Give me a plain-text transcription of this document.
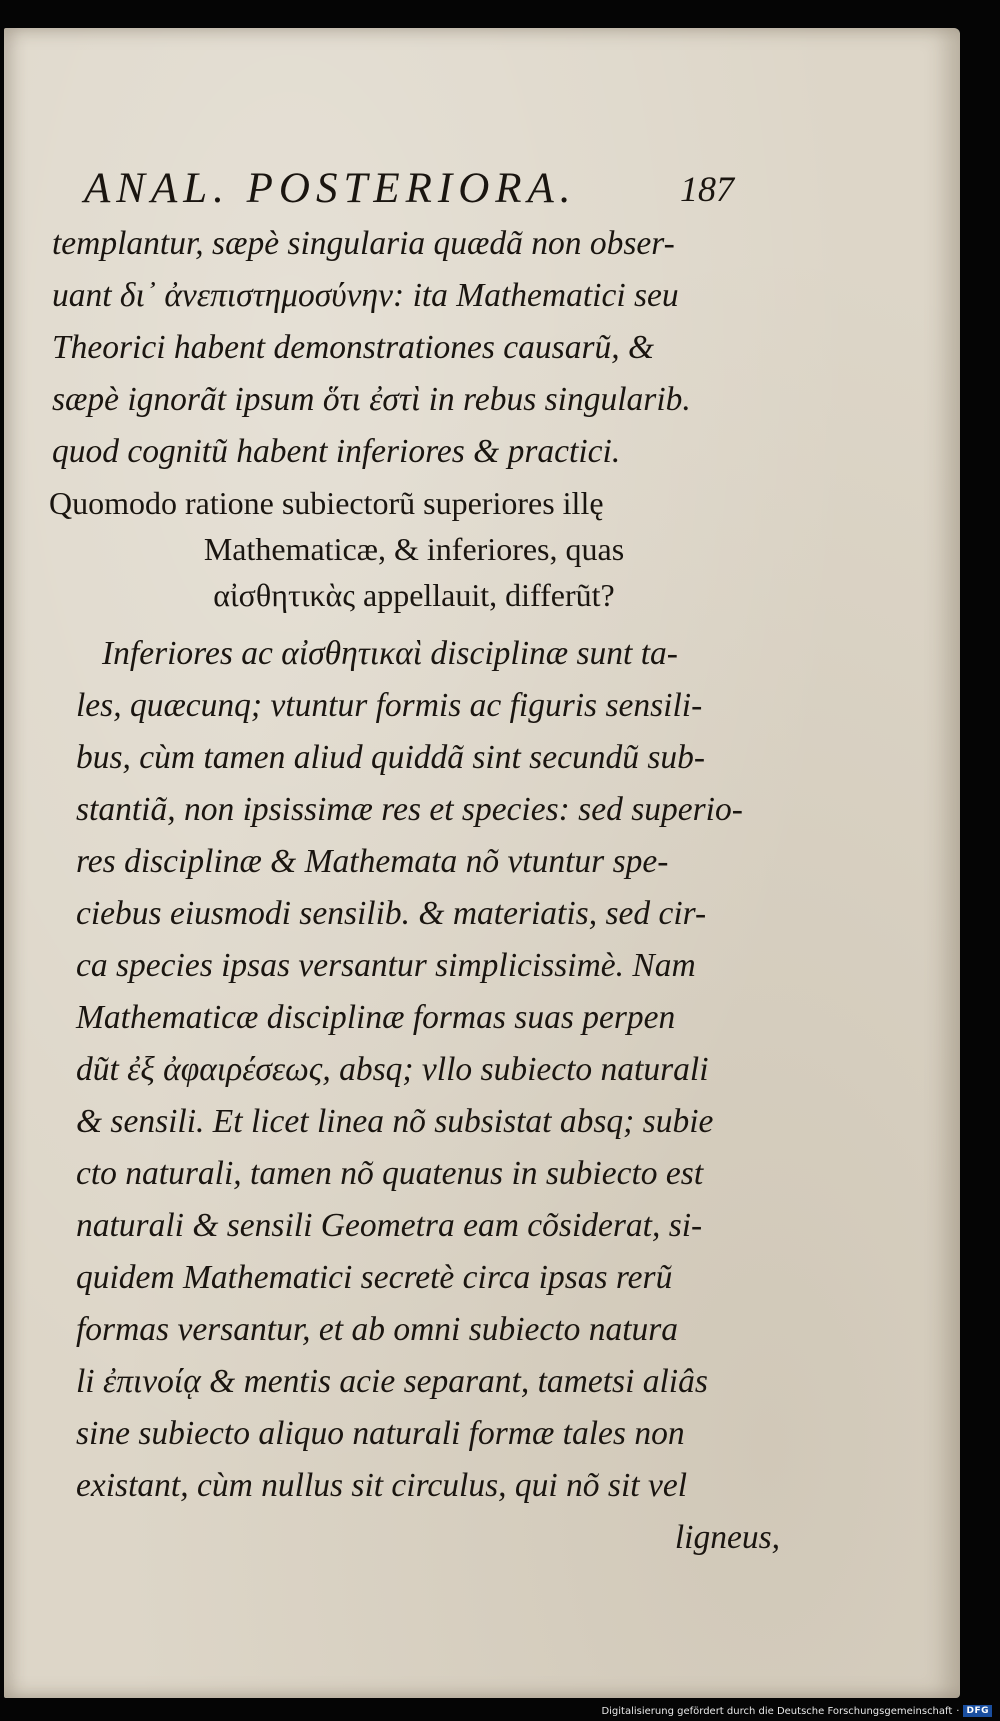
ANAL. POSTERIORA.	187
templantur, sæpè singularia quædã non obser-
uant δι᾽ ἀνεπιστημοσύνην: ita Mathematici seu
Theorici habent demonstrationes causarũ, &
sæpè ignorãt ipsum ὅτι ἐστὶ in rebus singularib.
quod cognitũ habent inferiores & practici.
Quomodo ratione subiectorũ superiores illę
Mathematicæ, & inferiores, quas
αἰσθητικὰς appellauit, differũt?
Inferiores ac αἰσθητικαὶ disciplinæ sunt ta-
les, quæcunq; vtuntur formis ac figuris sensili-
bus, cùm tamen aliud quiddã sint secundũ sub-
stantiã, non ipsissimæ res et species: sed superio-
res disciplinæ & Mathemata nõ vtuntur spe-
ciebus eiusmodi sensilib. & materiatis, sed cir-
ca species ipsas versantur simplicissimè. Nam
Mathematicæ disciplinæ formas suas perpen
dũt ἐξ ἀφαιρέσεως, absq; vllo subiecto naturali
& sensili. Et licet linea nõ subsistat absq; subie
cto naturali, tamen nõ quatenus in subiecto est
naturali & sensili Geometra eam cõsiderat, si-
quidem Mathematici secretè circa ipsas rerũ
formas versantur, et ab omni subiecto natura
li ἐπινοίᾳ & mentis acie separant, tametsi aliâs
sine subiecto aliquo naturali formæ tales non
existant, cùm nullus sit circulus, qui nõ sit vel
ligneus,
Digitalisierung gefördert durch die Deutsche Forschungsgemeinschaft · DFG
